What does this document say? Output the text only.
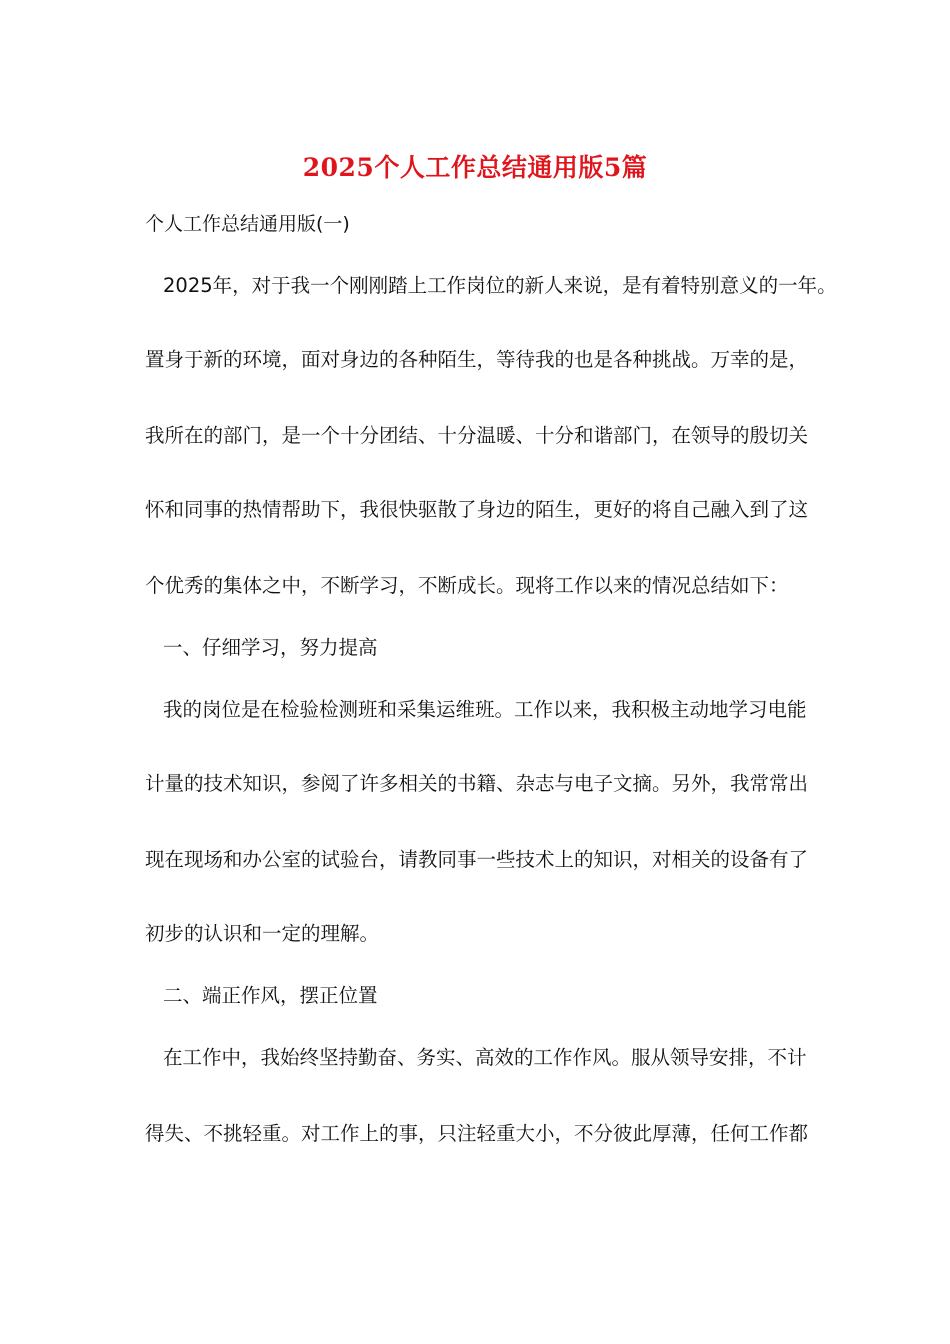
2025个人工作总结通用版5篇
个人工作总结通用版(一)
2025年，对于我一个刚刚踏上工作岗位的新人来说，是有着特别意义的一年。
置身于新的环境，面对身边的各种陌生，等待我的也是各种挑战。万幸的是，
我所在的部门，是一个十分团结、十分温暖、十分和谐部门，在领导的殷切关
怀和同事的热情帮助下，我很快驱散了身边的陌生，更好的将自己融入到了这
个优秀的集体之中，不断学习，不断成长。现将工作以来的情况总结如下：
一、仔细学习，努力提高
我的岗位是在检验检测班和采集运维班。工作以来，我积极主动地学习电能
计量的技术知识，参阅了许多相关的书籍、杂志与电子文摘。另外，我常常出
现在现场和办公室的试验台，请教同事一些技术上的知识，对相关的设备有了
初步的认识和一定的理解。
二、端正作风，摆正位置
在工作中，我始终坚持勤奋、务实、高效的工作作风。服从领导安排，不计
得失、不挑轻重。对工作上的事，只注轻重大小，不分彼此厚薄，任何工作都
